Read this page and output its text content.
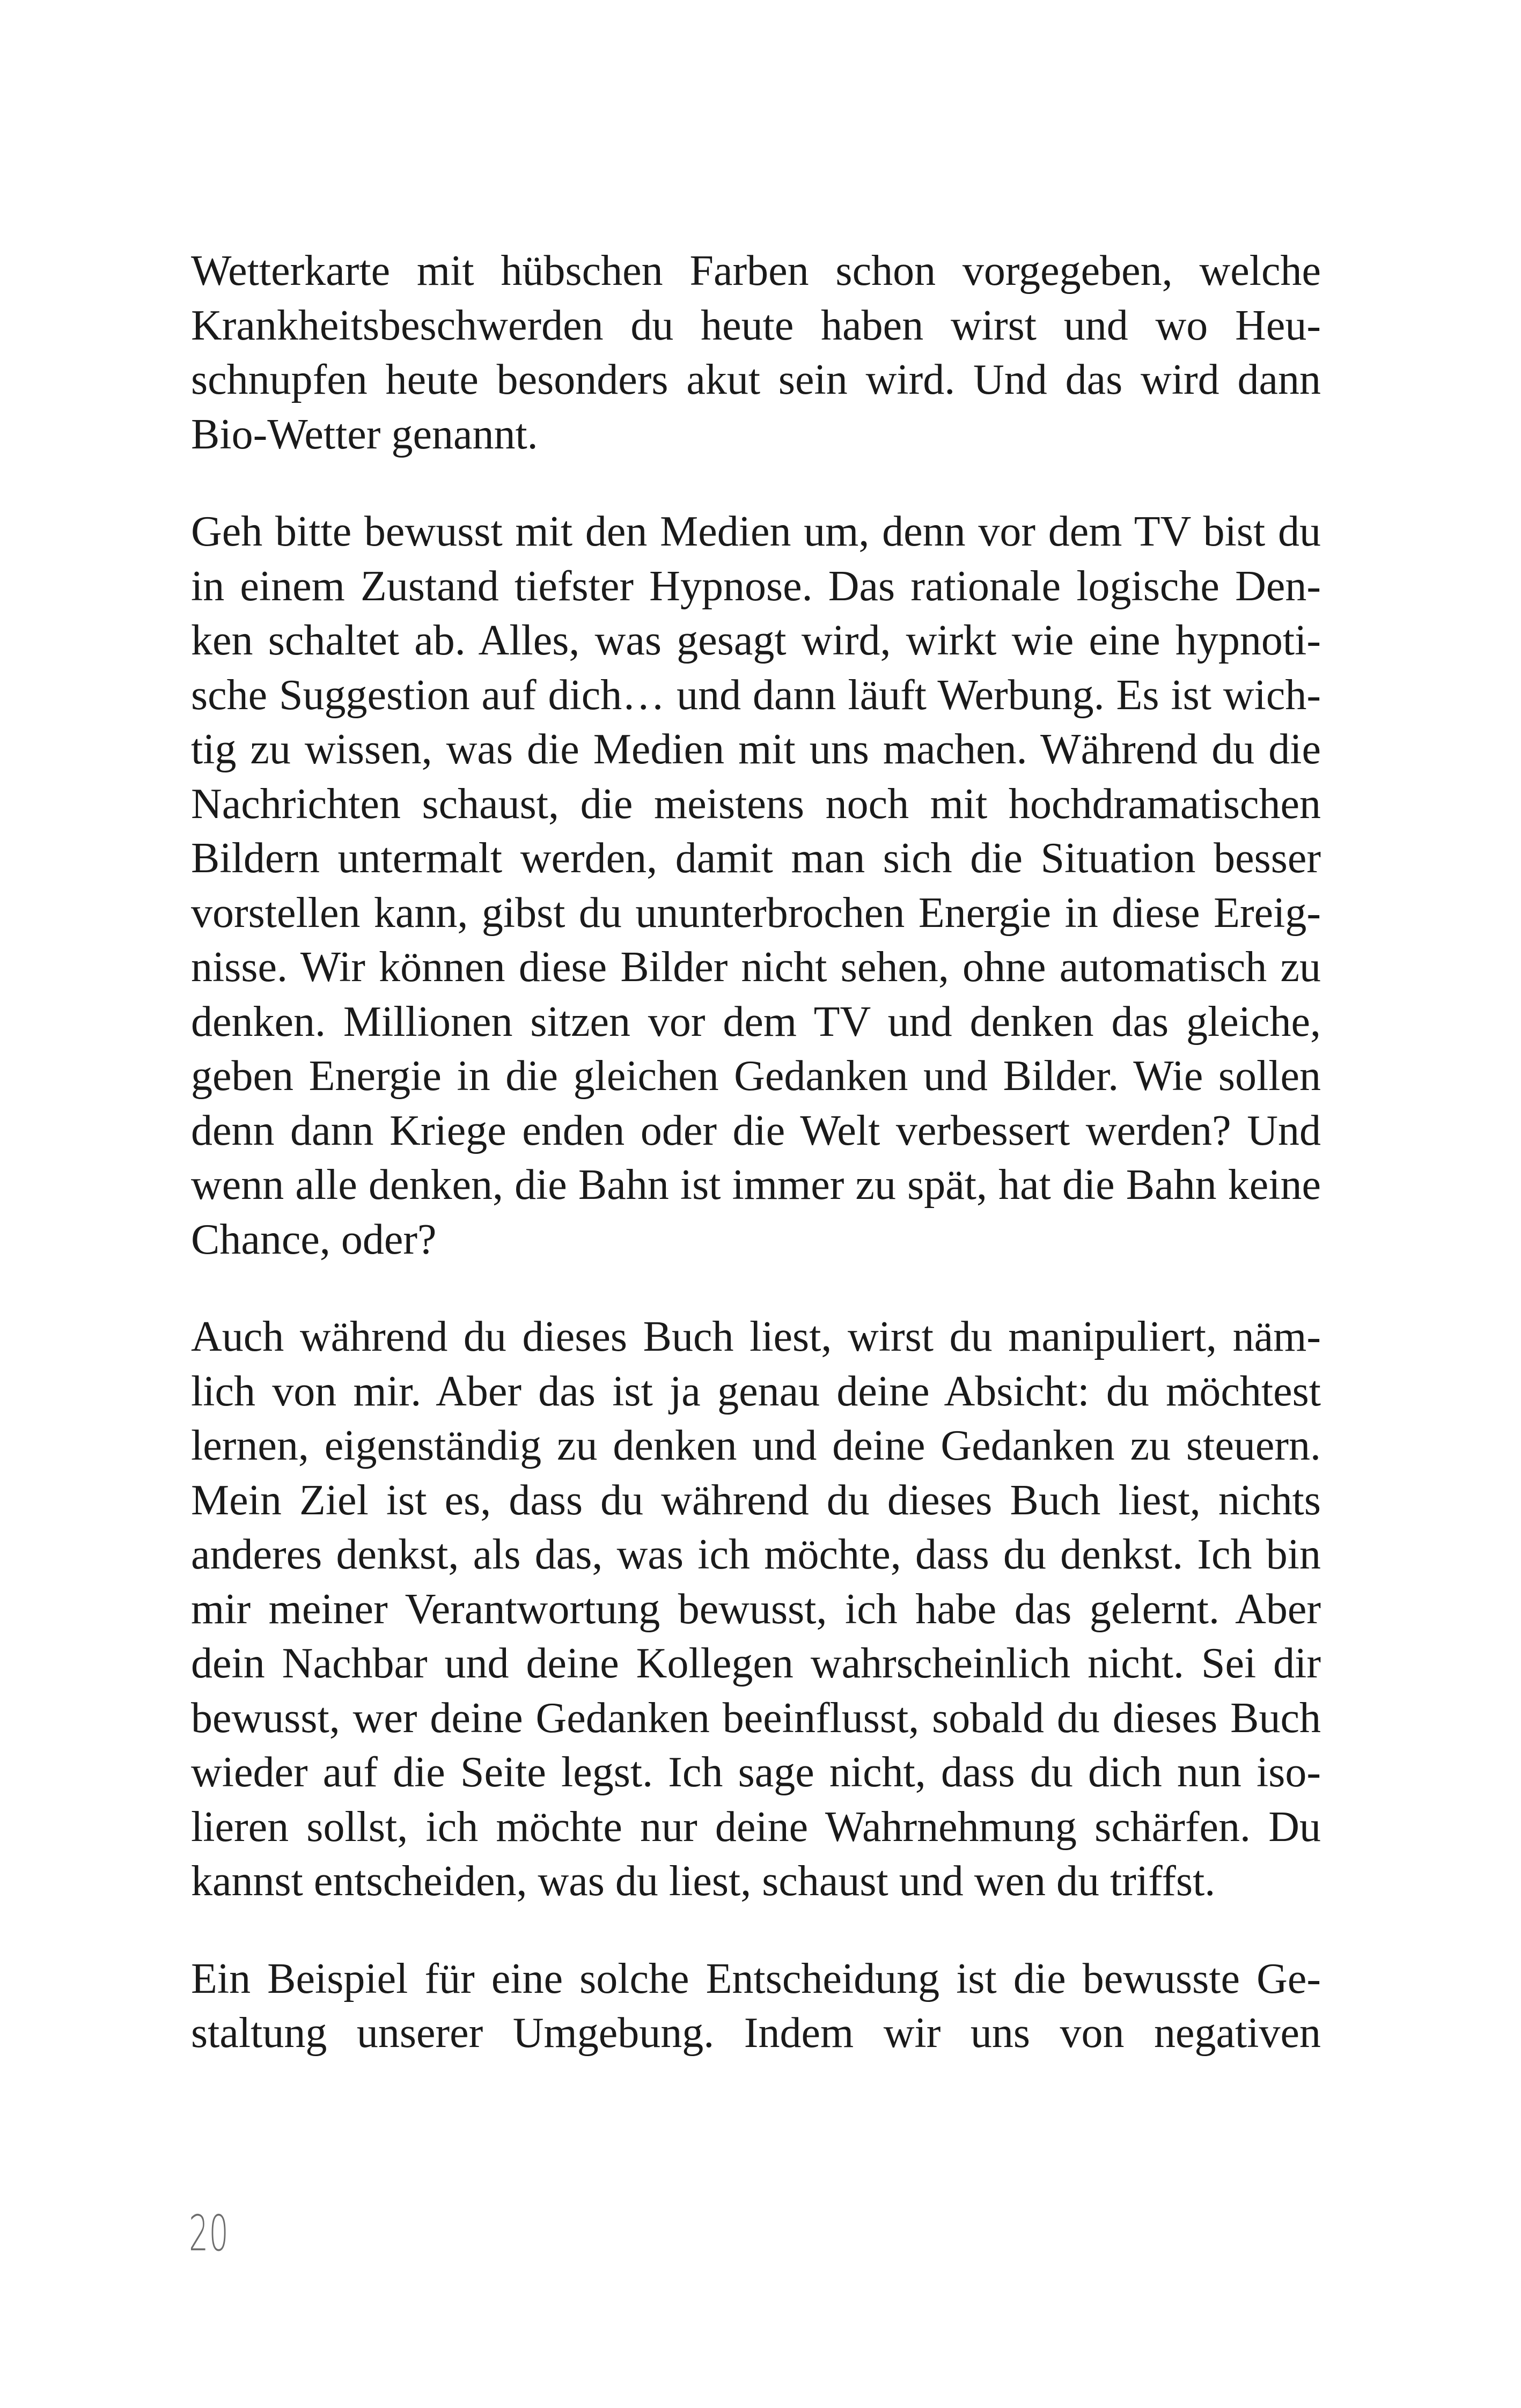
Wetterkarte mit hübschen Farben schon vorgegeben, welche
Krankheitsbeschwerden du heute haben wirst und wo Heu-
schnupfen heute besonders akut sein wird. Und das wird dann
Bio-Wetter genannt.

Geh bitte bewusst mit den Medien um, denn vor dem TV bist du
in einem Zustand tiefster Hypnose. Das rationale logische Den-
ken schaltet ab. Alles, was gesagt wird, wirkt wie eine hypnoti-
sche Suggestion auf dich… und dann läuft Werbung. Es ist wich-
tig zu wissen, was die Medien mit uns machen. Während du die
Nachrichten schaust, die meistens noch mit hochdramatischen
Bildern untermalt werden, damit man sich die Situation besser
vorstellen kann, gibst du ununterbrochen Energie in diese Ereig-
nisse. Wir können diese Bilder nicht sehen, ohne automatisch zu
denken. Millionen sitzen vor dem TV und denken das gleiche,
geben Energie in die gleichen Gedanken und Bilder. Wie sollen
denn dann Kriege enden oder die Welt verbessert werden? Und
wenn alle denken, die Bahn ist immer zu spät, hat die Bahn keine
Chance, oder?

Auch während du dieses Buch liest, wirst du manipuliert, näm-
lich von mir. Aber das ist ja genau deine Absicht: du möchtest
lernen, eigenständig zu denken und deine Gedanken zu steuern.
Mein Ziel ist es, dass du während du dieses Buch liest, nichts
anderes denkst, als das, was ich möchte, dass du denkst. Ich bin
mir meiner Verantwortung bewusst, ich habe das gelernt. Aber
dein Nachbar und deine Kollegen wahrscheinlich nicht. Sei dir
bewusst, wer deine Gedanken beeinflusst, sobald du dieses Buch
wieder auf die Seite legst. Ich sage nicht, dass du dich nun iso-
lieren sollst, ich möchte nur deine Wahrnehmung schärfen. Du
kannst entscheiden, was du liest, schaust und wen du triffst.

Ein Beispiel für eine solche Entscheidung ist die bewusste Ge-
staltung unserer Umgebung. Indem wir uns von negativen

20
